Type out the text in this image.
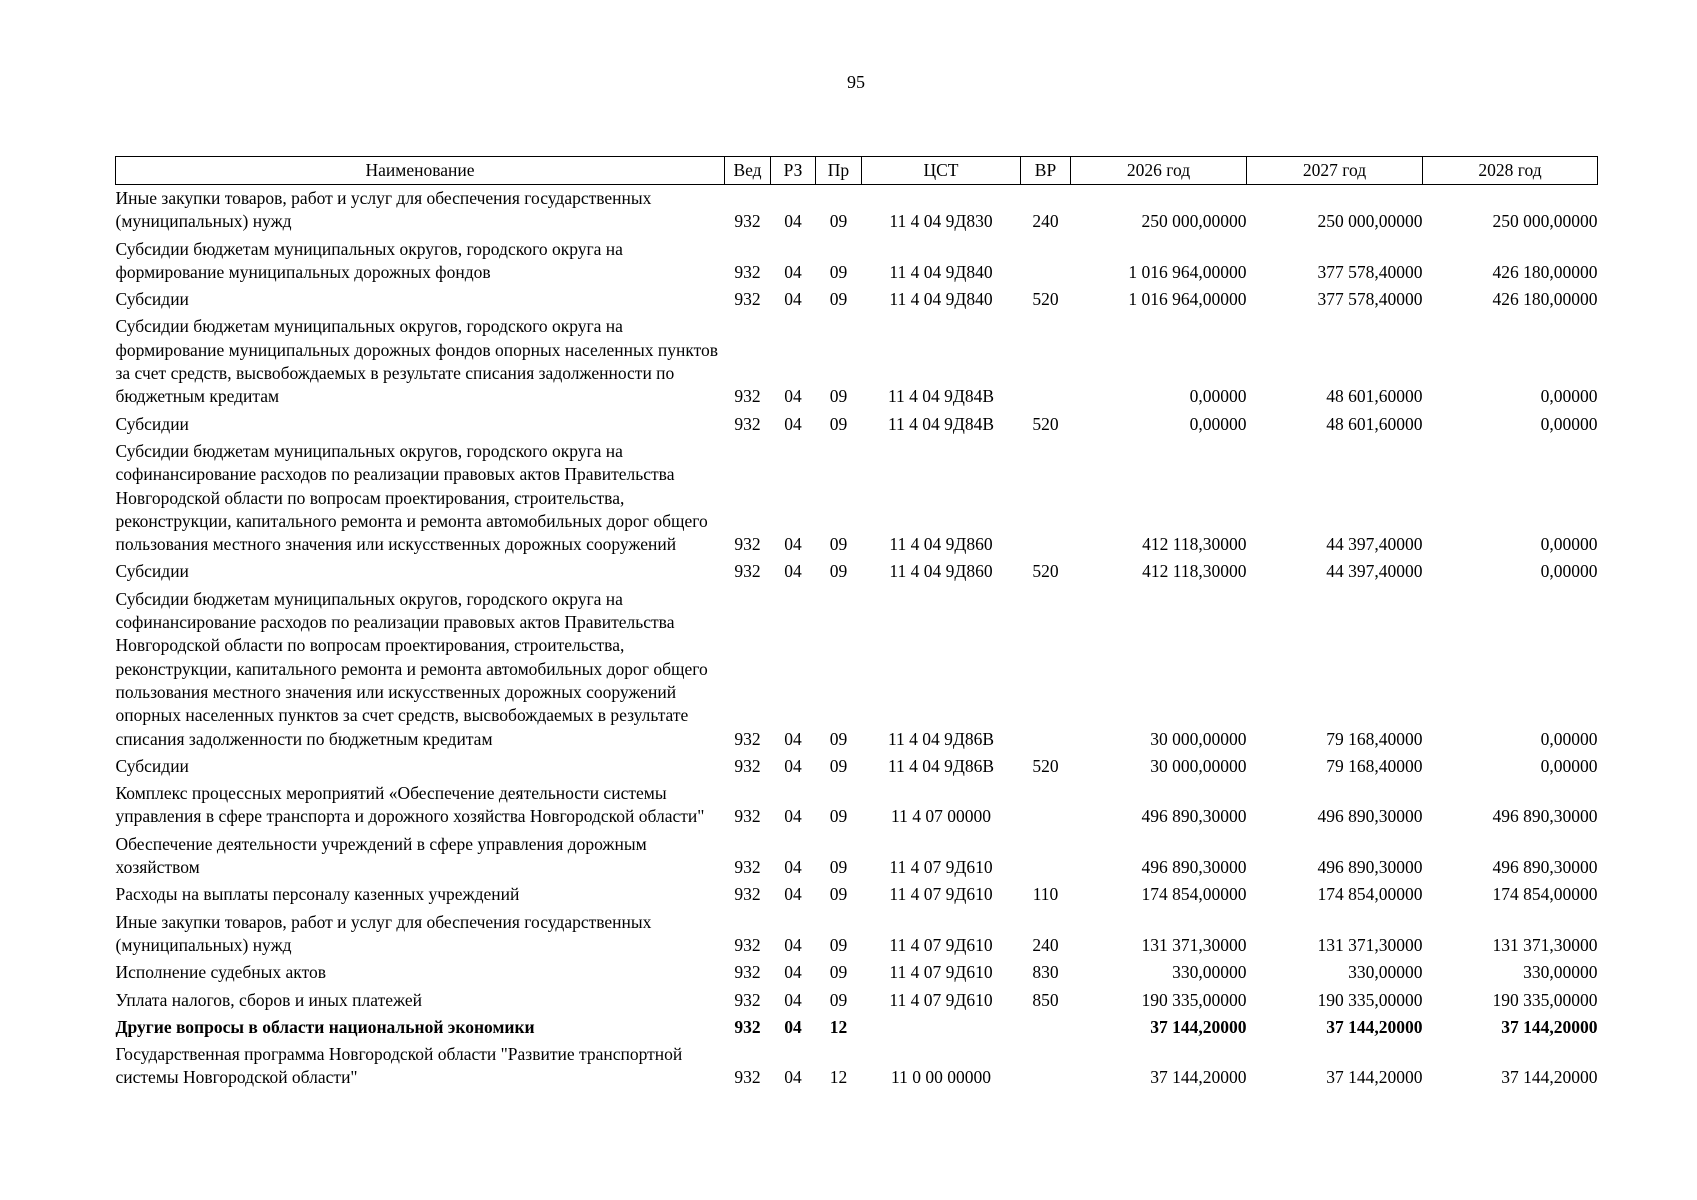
95
Наименование	Вед	РЗ	Пр	ЦСТ	ВР	2026 год	2027 год	2028 год
Иные закупки товаров, работ и услуг для обеспечения государственных (муниципальных) нужд	932	04	09	11 4 04 9Д830	240	250 000,00000	250 000,00000	250 000,00000
Субсидии бюджетам муниципальных округов, городского округа на формирование муниципальных дорожных фондов	932	04	09	11 4 04 9Д840		1 016 964,00000	377 578,40000	426 180,00000
Субсидии	932	04	09	11 4 04 9Д840	520	1 016 964,00000	377 578,40000	426 180,00000
Субсидии бюджетам муниципальных округов, городского округа на формирование муниципальных дорожных фондов опорных населенных пунктов за счет средств, высвобождаемых в результате списания задолженности по бюджетным кредитам	932	04	09	11 4 04 9Д84В		0,00000	48 601,60000	0,00000
Субсидии	932	04	09	11 4 04 9Д84В	520	0,00000	48 601,60000	0,00000
Субсидии бюджетам муниципальных округов, городского округа на софинансирование расходов по реализации правовых актов Правительства Новгородской области по вопросам проектирования, строительства, реконструкции, капитального ремонта и ремонта автомобильных дорог общего пользования местного значения или искусственных дорожных сооружений	932	04	09	11 4 04 9Д860		412 118,30000	44 397,40000	0,00000
Субсидии	932	04	09	11 4 04 9Д860	520	412 118,30000	44 397,40000	0,00000
Субсидии бюджетам муниципальных округов, городского округа на софинансирование расходов по реализации правовых актов Правительства Новгородской области по вопросам проектирования, строительства, реконструкции, капитального ремонта и ремонта автомобильных дорог общего пользования местного значения или искусственных дорожных сооружений опорных населенных пунктов за счет средств, высвобождаемых в результате списания задолженности по бюджетным кредитам	932	04	09	11 4 04 9Д86В		30 000,00000	79 168,40000	0,00000
Субсидии	932	04	09	11 4 04 9Д86В	520	30 000,00000	79 168,40000	0,00000
Комплекс процессных мероприятий «Обеспечение деятельности системы управления в сфере транспорта и дорожного хозяйства Новгородской области"	932	04	09	11 4 07 00000		496 890,30000	496 890,30000	496 890,30000
Обеспечение деятельности учреждений в сфере управления дорожным хозяйством	932	04	09	11 4 07 9Д610		496 890,30000	496 890,30000	496 890,30000
Расходы на выплаты персоналу казенных учреждений	932	04	09	11 4 07 9Д610	110	174 854,00000	174 854,00000	174 854,00000
Иные закупки товаров, работ и услуг для обеспечения государственных (муниципальных) нужд	932	04	09	11 4 07 9Д610	240	131 371,30000	131 371,30000	131 371,30000
Исполнение судебных актов	932	04	09	11 4 07 9Д610	830	330,00000	330,00000	330,00000
Уплата налогов, сборов и иных платежей	932	04	09	11 4 07 9Д610	850	190 335,00000	190 335,00000	190 335,00000
Другие вопросы в области национальной экономики	932	04	12			37 144,20000	37 144,20000	37 144,20000
Государственная программа Новгородской области "Развитие транспортной системы Новгородской области"	932	04	12	11 0 00 00000		37 144,20000	37 144,20000	37 144,20000
